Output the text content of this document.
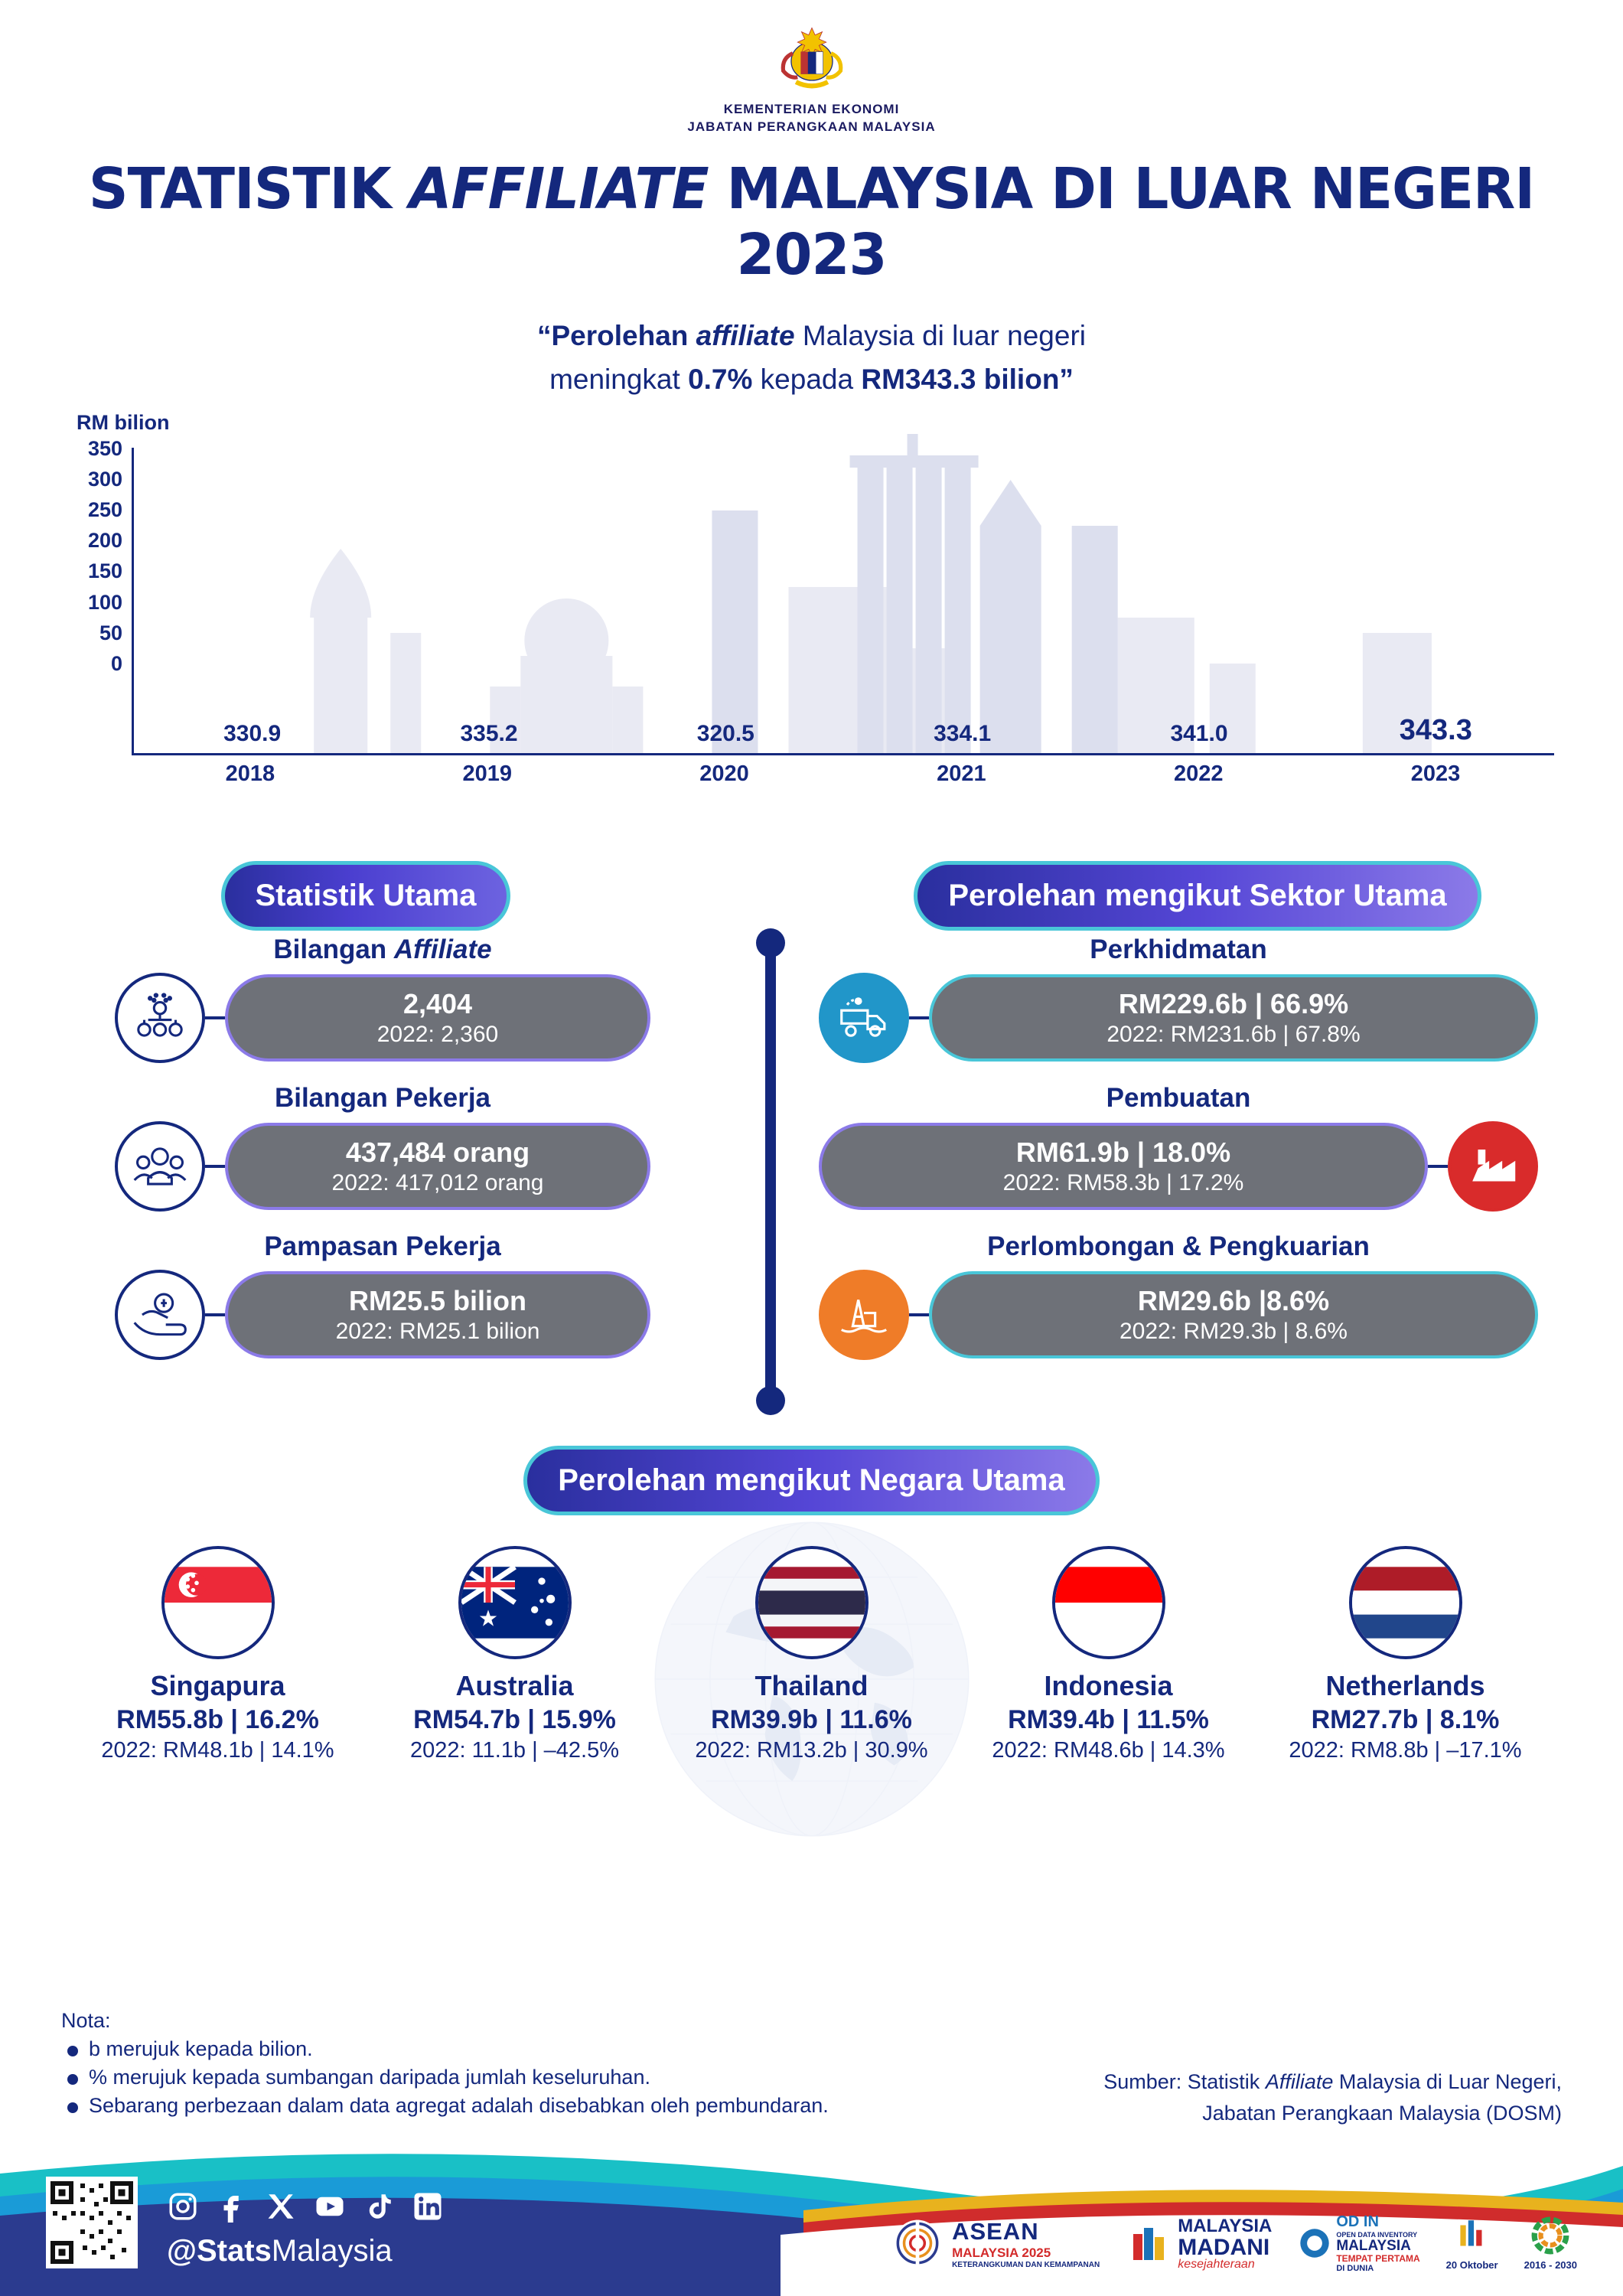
KEMENTERIAN EKONOMI
JABATAN PERANGKAAN MALAYSIA
STATISTIK AFFILIATE MALAYSIA DI LUAR NEGERI 2023
“Perolehan affiliate Malaysia di luar negeri
meningkat 0.7% kepada RM343.3 bilion”
RM bilion
350
300
250
200
150
100
50
0
330.9	335.2	320.5	334.1	341.0	343.3
2018	2019	2020	2021	2022	2023
Statistik Utama	Perolehan mengikut Sektor Utama
Bilangan Affiliate
2,404
2022: 2,360
Bilangan Pekerja
437,484 orang
2022: 417,012 orang
Pampasan Pekerja
RM25.5 bilion
2022: RM25.1 bilion
Perkhidmatan
RM229.6b | 66.9%
2022: RM231.6b | 67.8%
Pembuatan
RM61.9b | 18.0%
2022: RM58.3b | 17.2%
Perlombongan & Pengkuarian
RM29.6b |8.6%
2022: RM29.3b | 8.6%
Perolehan mengikut Negara Utama
Singapura
RM55.8b | 16.2%
2022: RM48.1b | 14.1%
Australia
RM54.7b | 15.9%
2022: 11.1b | –42.5%
Thailand
RM39.9b | 11.6%
2022: RM13.2b | 30.9%
Indonesia
RM39.4b | 11.5%
2022: RM48.6b | 14.3%
Netherlands
RM27.7b | 8.1%
2022: RM8.8b | –17.1%
Nota:
b merujuk kepada bilion.
% merujuk kepada sumbangan daripada jumlah keseluruhan.
Sebarang perbezaan dalam data agregat adalah disebabkan oleh pembundaran.
Sumber: Statistik Affiliate Malaysia di Luar Negeri,
Jabatan Perangkaan Malaysia (DOSM)
@StatsMalaysia
ASEAN
MALAYSIA 2025
KETERANGKUMAN DAN KEMAMPANAN
MALAYSIA
MADANI
kesejahteraan
OD IN
OPEN DATA INVENTORY
MALAYSIA
TEMPAT PERTAMA
DI DUNIA	20 Oktober	2016 - 2030
